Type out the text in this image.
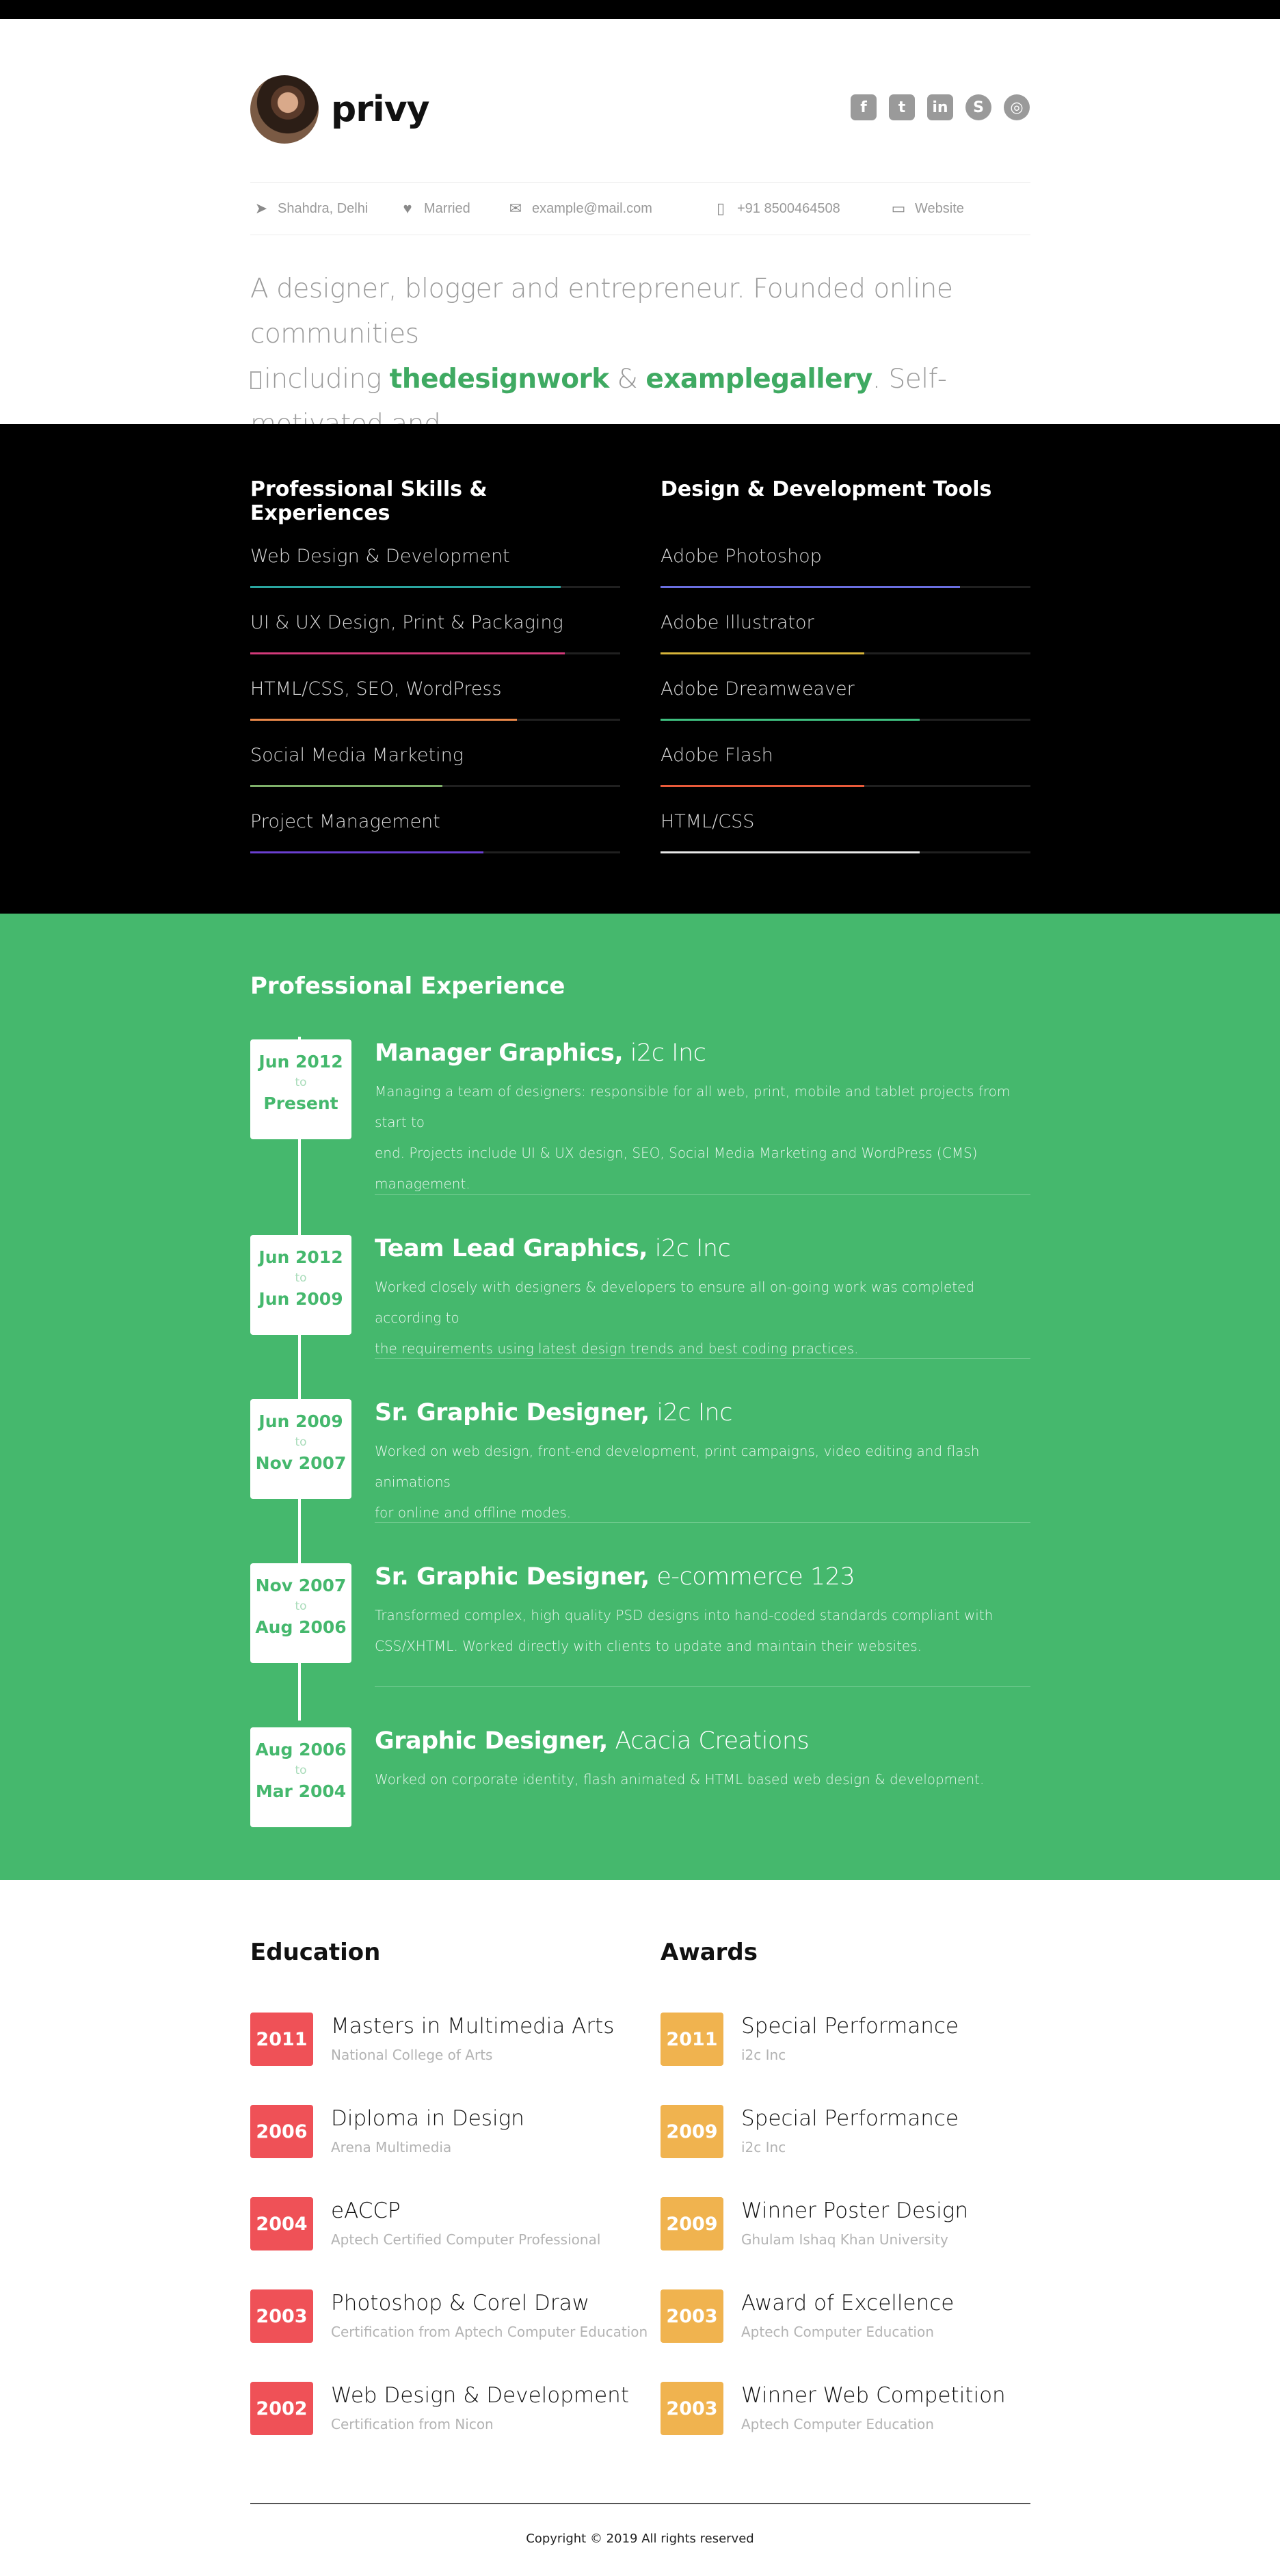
privy	f	t	in	S	◎
➤ Shahdra, Delhi ♥ Married	✉ example@mail.com	▯ +91 8500464508	▭ Website
A designer, blogger and entrepreneur. Founded online communities
including thedesignwork & examplegallery. Self-

Professional Skills & Experiences
Web Design & Development
UI & UX Design, Print & Packaging
HTML/CSS, SEO, WordPress
Social Media Marketing
Project Management
Design & Development Tools
Adobe Photoshop
Adobe Illustrator
Adobe Dreamweaver
Adobe Flash
HTML/CSS
Professional Experience
Jun 2012
to
Present
Manager Graphics, i2c Inc
Managing a team of designers: responsible for all web, print, mobile and tablet projects from start to
end. Projects include UI & UX design, SEO, Social Media Marketing and WordPress (CMS)
management.
Jun 2012
to
Jun 2009
Team Lead Graphics, i2c Inc
Worked closely with designers & developers to ensure all on-going work was completed according to
the requirements using latest design trends and best coding practices.
Jun 2009
to
Nov 2007
Sr. Graphic Designer, i2c Inc
Worked on web design, front-end development, print campaigns, video editing and flash animations
for online and offline modes.
Nov 2007
to
Aug 2006
Sr. Graphic Designer, e-commerce 123
Transformed complex, high quality PSD designs into hand-coded standards compliant with
CSS/XHTML. Worked directly with clients to update and maintain their websites.
Aug 2006
to
Mar 2004
Graphic Designer, Acacia Creations
Worked on corporate identity, flash animated & HTML based web design & development.
Education
2011
Masters in Multimedia Arts
National College of Arts
2006
Diploma in Design
Arena Multimedia
2004
eACCP
Aptech Certified Computer Professional
2003
Photoshop & Corel Draw
Certification from Aptech Computer Education
2002
Web Design & Development
Certification from Nicon
Awards
2011
Special Performance
i2c Inc
2009
Special Performance
i2c Inc
2009
Winner Poster Design
Ghulam Ishaq Khan University
2003
Award of Excellence
Aptech Computer Education
2003
Winner Web Competition
Aptech Computer Education
Copyright © 2019 All rights reserved
